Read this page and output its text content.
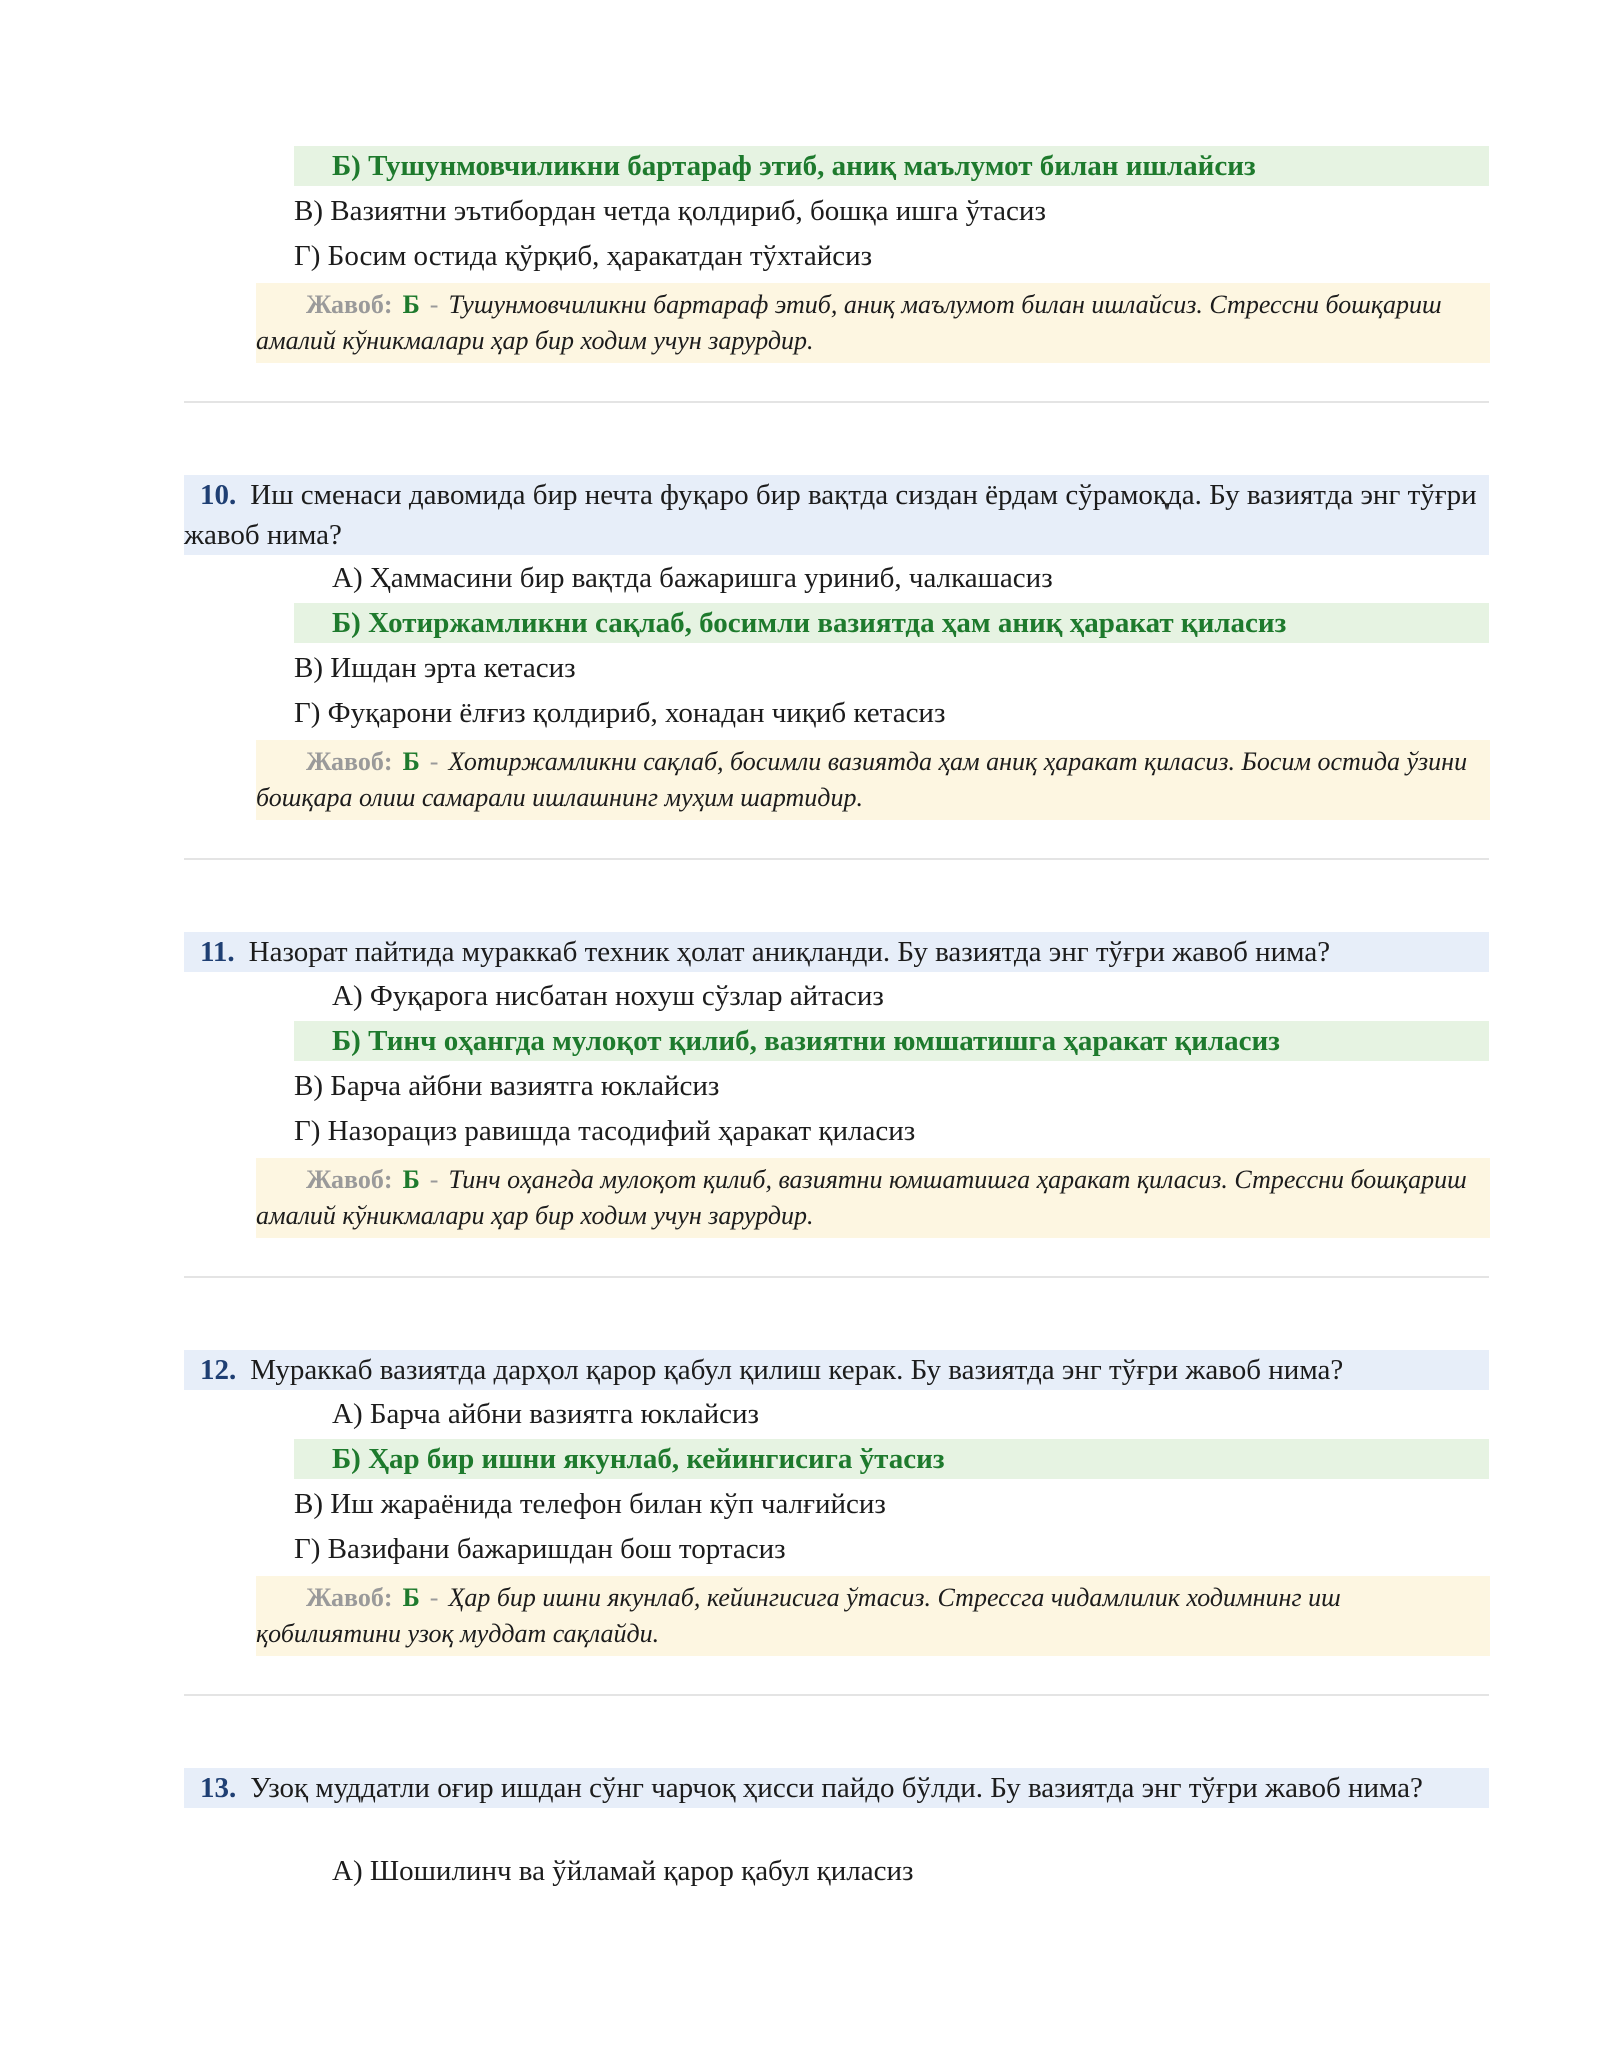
Б) Тушунмовчиликни бартараф этиб, аниқ маълумот билан ишлайсиз
В) Вазиятни эътибордан четда қолдириб, бошқа ишга ўтасиз
Г) Босим остида қўрқиб, ҳаракатдан тўхтайсиз
Жавоб: Б - Тушунмовчиликни бартараф этиб, аниқ маълумот билан ишлайсиз. Стрессни бошқариш амалий кўникмалари ҳар бир ходим учун зарурдир.
10. Иш сменаси давомида бир нечта фуқаро бир вақтда сиздан ёрдам сўрамоқда. Бу вазиятда энг тўғри жавоб нима?
А) Ҳаммасини бир вақтда бажаришга уриниб, чалкашасиз
Б) Хотиржамликни сақлаб, босимли вазиятда ҳам аниқ ҳаракат қиласиз
В) Ишдан эрта кетасиз
Г) Фуқарони ёлғиз қолдириб, хонадан чиқиб кетасиз
Жавоб: Б - Хотиржамликни сақлаб, босимли вазиятда ҳам аниқ ҳаракат қиласиз. Босим остида ўзини бошқара олиш самарали ишлашнинг муҳим шартидир.
11. Назорат пайтида мураккаб техник ҳолат аниқланди. Бу вазиятда энг тўғри жавоб нима?
А) Фуқарога нисбатан нохуш сўзлар айтасиз
Б) Тинч оҳангда мулоқот қилиб, вазиятни юмшатишга ҳаракат қиласиз
В) Барча айбни вазиятга юклайсиз
Г) Назорациз равишда тасодифий ҳаракат қиласиз
Жавоб: Б - Тинч оҳангда мулоқот қилиб, вазиятни юмшатишга ҳаракат қиласиз. Стрессни бошқариш амалий кўникмалари ҳар бир ходим учун зарурдир.
12. Мураккаб вазиятда дарҳол қарор қабул қилиш керак. Бу вазиятда энг тўғри жавоб нима?
А) Барча айбни вазиятга юклайсиз
Б) Ҳар бир ишни якунлаб, кейингисига ўтасиз
В) Иш жараёнида телефон билан кўп чалғийсиз
Г) Вазифани бажаришдан бош тортасиз
Жавоб: Б - Ҳар бир ишни якунлаб, кейингисига ўтасиз. Стрессга чидамлилик ходимнинг иш қобилиятини узоқ муддат сақлайди.
13. Узоқ муддатли оғир ишдан сўнг чарчоқ ҳисси пайдо бўлди. Бу вазиятда энг тўғри жавоб нима?
А) Шошилинч ва ўйламай қарор қабул қиласиз
